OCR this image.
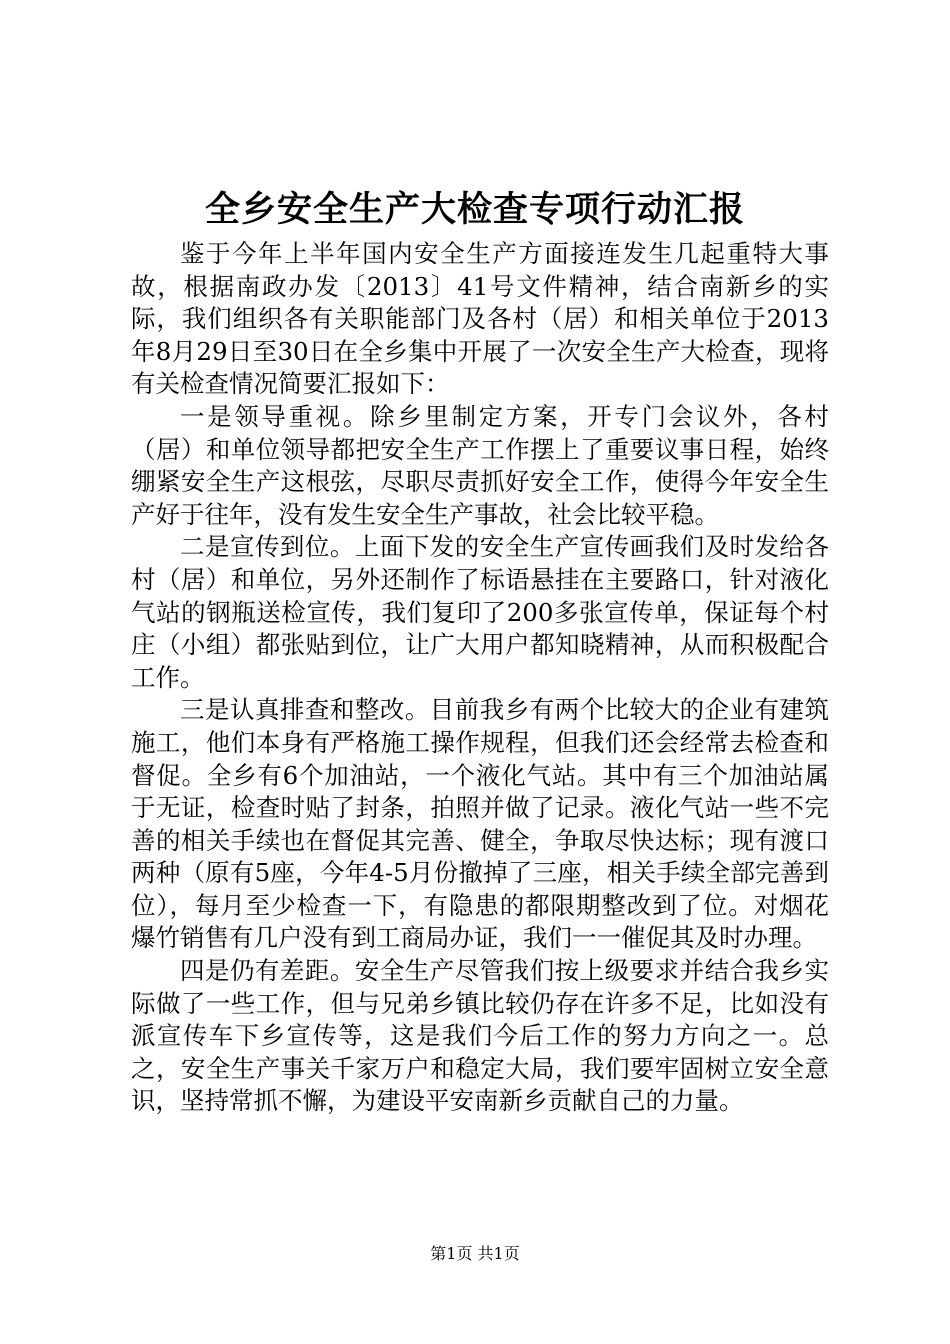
全乡安全生产大检查专项行动汇报

鉴于今年上半年国内安全生产方面接连发生几起重特大事故，根据南政办发〔2013〕41号文件精神，结合南新乡的实际，我们组织各有关职能部门及各村（居）和相关单位于2013年8月29日至30日在全乡集中开展了一次安全生产大检查，现将有关检查情况简要汇报如下：

一是领导重视。除乡里制定方案，开专门会议外，各村（居）和单位领导都把安全生产工作摆上了重要议事日程，始终绷紧安全生产这根弦，尽职尽责抓好安全工作，使得今年安全生产好于往年，没有发生安全生产事故，社会比较平稳。

二是宣传到位。上面下发的安全生产宣传画我们及时发给各村（居）和单位，另外还制作了标语悬挂在主要路口，针对液化气站的钢瓶送检宣传，我们复印了200多张宣传单，保证每个村庄（小组）都张贴到位，让广大用户都知晓精神，从而积极配合工作。

三是认真排查和整改。目前我乡有两个比较大的企业有建筑施工，他们本身有严格施工操作规程，但我们还会经常去检查和督促。全乡有6个加油站，一个液化气站。其中有三个加油站属于无证，检查时贴了封条，拍照并做了记录。液化气站一些不完善的相关手续也在督促其完善、健全，争取尽快达标；现有渡口两种（原有5座，今年4-5月份撤掉了三座，相关手续全部完善到位），每月至少检查一下，有隐患的都限期整改到了位。对烟花爆竹销售有几户没有到工商局办证，我们一一催促其及时办理。

四是仍有差距。安全生产尽管我们按上级要求并结合我乡实际做了一些工作，但与兄弟乡镇比较仍存在许多不足，比如没有派宣传车下乡宣传等，这是我们今后工作的努力方向之一。总之，安全生产事关千家万户和稳定大局，我们要牢固树立安全意识，坚持常抓不懈，为建设平安南新乡贡献自己的力量。

第1页 共1页
